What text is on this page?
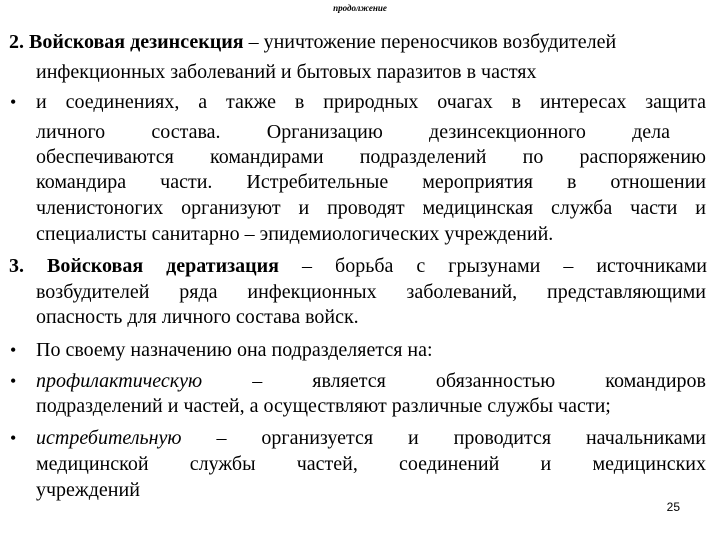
продолжение
2. Войсковая дезинсекция – уничтожение переносчиков возбудителей
инфекционных заболеваний и бытовых паразитов в частях
• и соединениях, а также в природных очагах в интересах защита
личного состава. Организацию дезинсекционного дела
обеспечиваются командирами подразделений по распоряжению
командира части. Истребительные мероприятия в отношении
членистоногих организуют и проводят медицинская служба части и
специалисты санитарно – эпидемиологических учреждений.
3. Войсковая дератизация – борьба с грызунами – источниками
возбудителей ряда инфекционных заболеваний, представляющими
опасность для личного состава войск.
• По своему назначению она подразделяется на:
• профилактическую – является обязанностью командиров
подразделений и частей, а осуществляют различные службы части;
• истребительную – организуется и проводится начальниками
медицинской службы частей, соединений и медицинских
учреждений
25
